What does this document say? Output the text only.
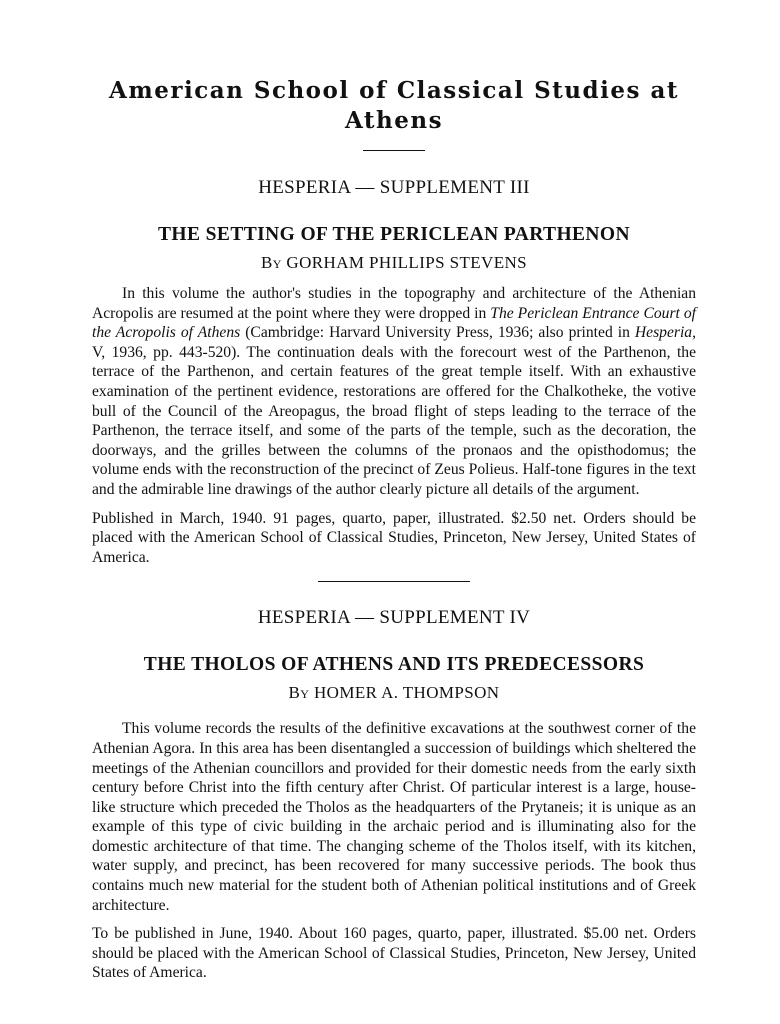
American School of Classical Studies at Athens
HESPERIA — SUPPLEMENT III
THE SETTING OF THE PERICLEAN PARTHENON

By GORHAM PHILLIPS STEVENS

In this volume the author's studies in the topography and architecture of the Athenian Acropolis are resumed at the point where they were dropped in The Periclean Entrance Court of the Acropolis of Athens (Cambridge: Harvard University Press, 1936; also printed in Hesperia, V, 1936, pp. 443-520). The continuation deals with the forecourt west of the Parthenon, the terrace of the Parthenon, and certain features of the great temple itself. With an exhaustive examination of the pertinent evidence, restorations are offered for the Chalkotheke, the votive bull of the Council of the Areopagus, the broad flight of steps leading to the terrace of the Parthenon, the terrace itself, and some of the parts of the temple, such as the decoration, the doorways, and the grilles between the columns of the pronaos and the opisthodomus; the volume ends with the reconstruction of the precinct of Zeus Polieus. Half-tone figures in the text and the admirable line drawings of the author clearly picture all details of the argument.

Published in March, 1940. 91 pages, quarto, paper, illustrated. $2.50 net. Orders should be placed with the American School of Classical Studies, Princeton, New Jersey, United States of America.

HESPERIA — SUPPLEMENT IV
THE THOLOS OF ATHENS AND ITS PREDECESSORS

By HOMER A. THOMPSON

This volume records the results of the definitive excavations at the southwest corner of the Athenian Agora. In this area has been disentangled a succession of buildings which sheltered the meetings of the Athenian councillors and provided for their domestic needs from the early sixth century before Christ into the fifth century after Christ. Of particular interest is a large, house-like structure which preceded the Tholos as the headquarters of the Prytaneis; it is unique as an example of this type of civic building in the archaic period and is illuminating also for the domestic architecture of that time. The changing scheme of the Tholos itself, with its kitchen, water supply, and precinct, has been recovered for many successive periods. The book thus contains much new material for the student both of Athenian political institutions and of Greek architecture.

To be published in June, 1940. About 160 pages, quarto, paper, illustrated. $5.00 net. Orders should be placed with the American School of Classical Studies, Princeton, New Jersey, United States of America.
